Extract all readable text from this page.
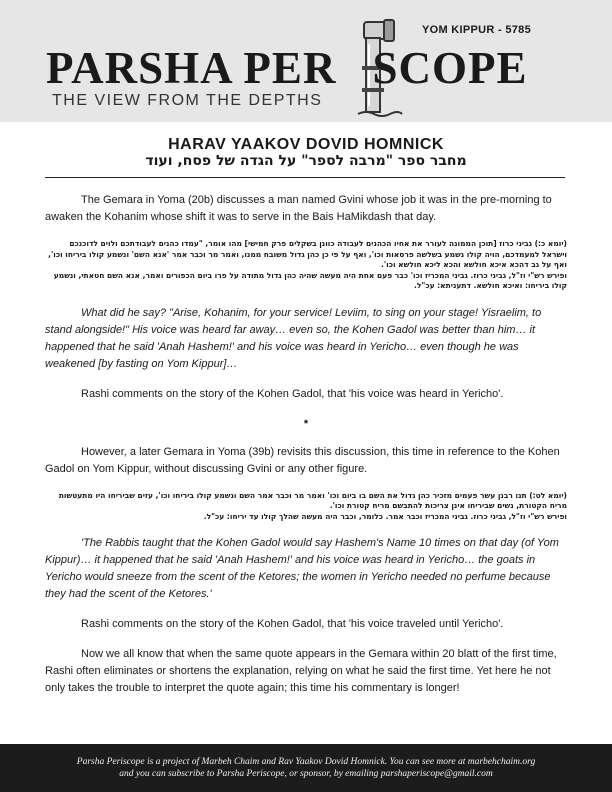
YOM KIPPUR - 5785
PARSHA PER SCOPE
THE VIEW FROM THE DEPTHS
HARAV YAAKOV DOVID HOMNICK
מחבר ספר "מרבה לספר" על הגדה של פסח, ועוד

The Gemara in Yoma (20b) discusses a man named Gvini whose job it was in the pre-morning to awaken the Kohanim whose shift it was to serve in the Bais HaMikdash that day.

(יומא כ:) גביני כרוז [תוכן הממונה לעורר את אחיו הכהנים לעבודה כוונן בשקלים פרק חמישי] מהו אומר, "עמדו כהנים לעבודתכם ולוים לדוכנכם וישראל למעמדכם, הויה קולו נשמע בשלשה פרסאות וכו', ואף על פי כן כהן גדול משובח ממנו, ואמר מר וכבר אמר 'אנא השם' ונשמע קולו ביריחו וכו', ואף על גב דהכא איכא חולשא והכא ליכא חולשא וכו'.
ופירש רש"י וז"ל, גביני כרוז. גביני המכריז וכו' כבר פעם אחת היה מעשה שהיה כהן גדול מתודה על פרו ביום הכפורים ואמר, אנא השם חטאתי, ונשמע קולו ביריחו: ואיכא חולשא. דתעניתא: עכ"ל.

What did he say? "Arise, Kohanim, for your service! Leviim, to sing on your stage! Yisraelim, to stand alongside!" His voice was heard far away… even so, the Kohen Gadol was better than him… it happened that he said 'Anah Hashem!' and his voice was heard in Yericho… even though he was weakened [by fasting on Yom Kippur]…

Rashi comments on the story of the Kohen Gadol, that 'his voice was heard in Yericho'.

*

However, a later Gemara in Yoma (39b) revisits this discussion, this time in reference to the Kohen Gadol on Yom Kippur, without discussing Gvini or any other figure.

(יומא לט:) תנו רבנן עשר פעמים מזכיר כהן גדול את השם בו ביום וכו' ואמר מר וכבר אמר השם ונשמע קולו ביריחו וכו', עזים שביריחו היו מתעטשות מריח הקטורת, נשים שביריחו אינן צריכות להתבשם מריח קטורת וכו'.
ופירש רש"י וז"ל, גביני כרוז. גביני המכריז וכבר אמר. כלומר, וכבר היה מעשה שהלך קולו עד יריחו: עכ"ל.

'The Rabbis taught that the Kohen Gadol would say Hashem's Name 10 times on that day (of Yom Kippur)… it happened that he said 'Anah Hashem!' and his voice was heard in Yericho… the goats in Yericho would sneeze from the scent of the Ketores; the women in Yericho needed no perfume because they had the scent of the Ketores.'

Rashi comments on the story of the Kohen Gadol, that 'his voice traveled until Yericho'.

Now we all know that when the same quote appears in the Gemara within 20 blatt of the first time, Rashi often eliminates or shortens the explanation, relying on what he said the first time. Yet here he not only takes the trouble to interpret the quote again; this time his commentary is longer!

Parsha Periscope is a project of Marbeh Chaim and Rav Yaakov Dovid Homnick. You can see more at marbehchaim.org
and you can subscribe to Parsha Periscope, or sponsor, by emailing parshaperiscope@gmail.com
